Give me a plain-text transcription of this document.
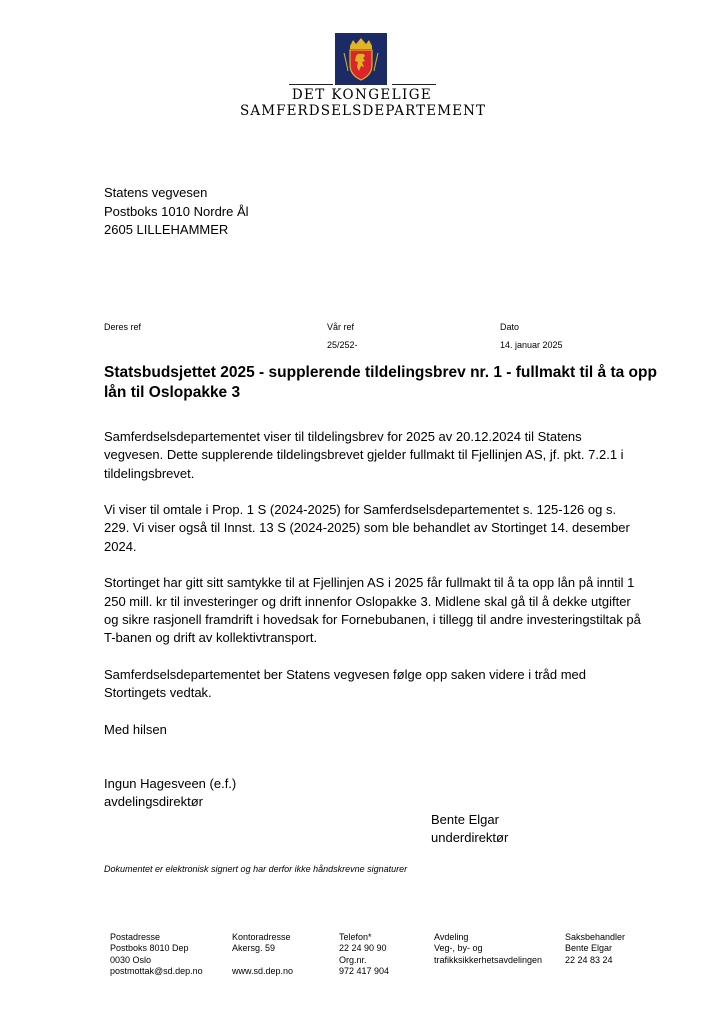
DET KONGELIGE
SAMFERDSELSDEPARTEMENT
Statens vegvesen
Postboks 1010 Nordre Ål
2605 LILLEHAMMER
Deres ref	Vår ref
25/252-
Dato
14. januar 2025
Statsbudsjettet 2025 - supplerende tildelingsbrev nr. 1 - fullmakt til å ta opp lån til Oslopakke 3

Samferdselsdepartementet viser til tildelingsbrev for 2025 av 20.12.2024 til Statens vegvesen. Dette supplerende tildelingsbrevet gjelder fullmakt til Fjellinjen AS, jf. pkt. 7.2.1 i tildelingsbrevet.

Vi viser til omtale i Prop. 1 S (2024-2025) for Samferdselsdepartementet s. 125-126 og s. 229. Vi viser også til Innst. 13 S (2024-2025) som ble behandlet av Stortinget 14. desember 2024.

Stortinget har gitt sitt samtykke til at Fjellinjen AS i 2025 får fullmakt til å ta opp lån på inntil 1 250 mill. kr til investeringer og drift innenfor Oslopakke 3. Midlene skal gå til å dekke utgifter og sikre rasjonell framdrift i hovedsak for Fornebubanen, i tillegg til andre investeringstiltak på T-banen og drift av kollektivtransport.

Samferdselsdepartementet ber Statens vegvesen følge opp saken videre i tråd med Stortingets vedtak.

Med hilsen

Ingun Hagesveen (e.f.)
avdelingsdirektør
Bente Elgar
underdirektør
Dokumentet er elektronisk signert og har derfor ikke håndskrevne signaturer
Postadresse
Postboks 8010 Dep
0030 Oslo
postmottak@sd.dep.no
Kontoradresse
Akersg. 59

www.sd.dep.no
Telefon*
22 24 90 90
Org.nr.
972 417 904
Avdeling
Veg-, by- og
trafikksikkerhetsavdelingen
Saksbehandler
Bente Elgar
22 24 83 24
